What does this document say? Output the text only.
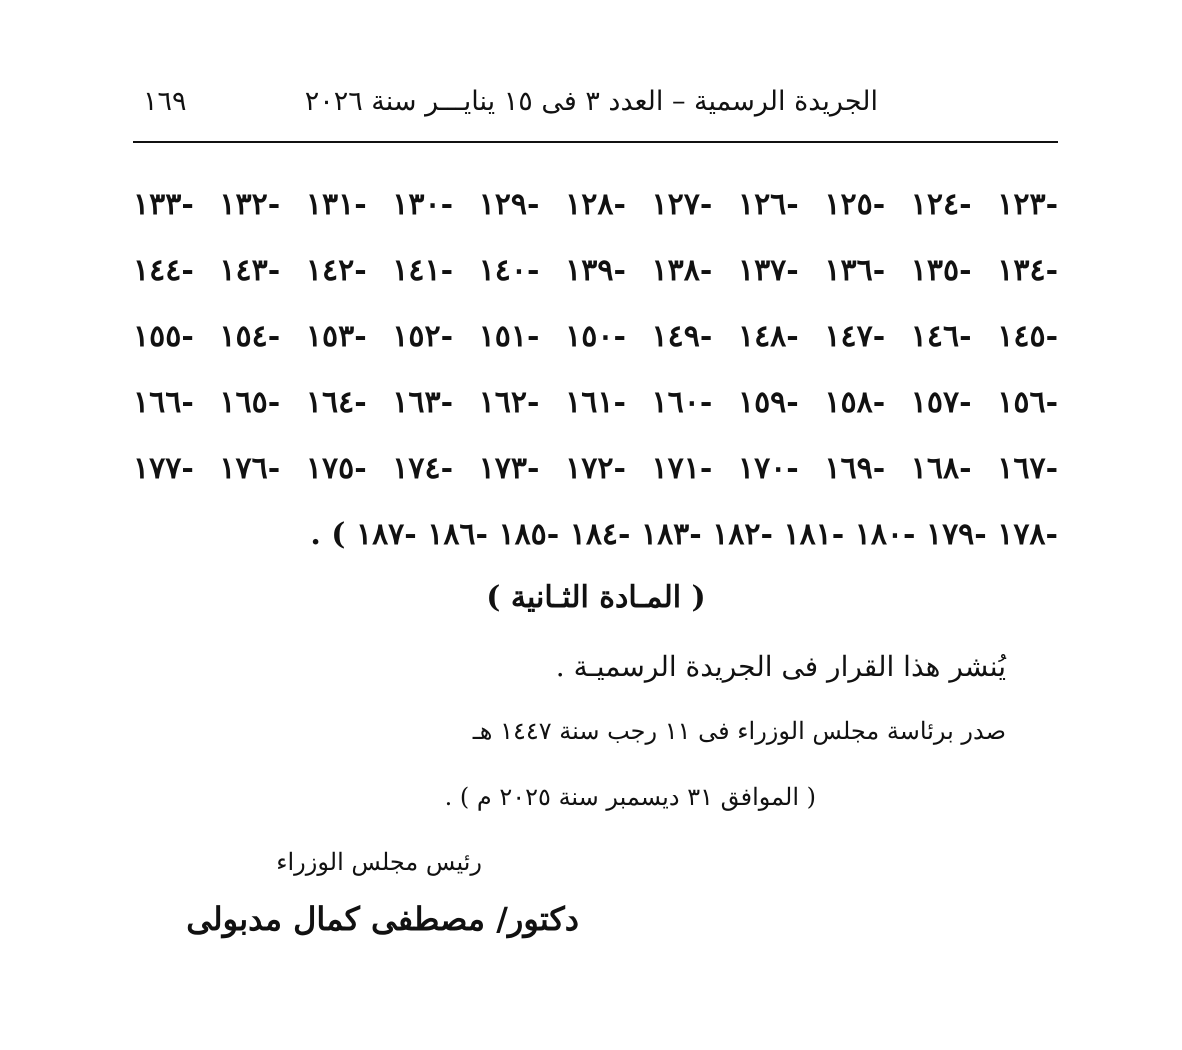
الجريدة الرسمية – العدد ٣ فى ١٥ ينايـــر سنة ٢٠٢٦
١٦٩
-١٢٣ -١٢٤ -١٢٥ -١٢٦ -١٢٧ -١٢٨ -١٢٩ -١٣٠ -١٣١ -١٣٢ -١٣٣
-١٣٤ -١٣٥ -١٣٦ -١٣٧ -١٣٨ -١٣٩ -١٤٠ -١٤١ -١٤٢ -١٤٣ -١٤٤
-١٤٥ -١٤٦ -١٤٧ -١٤٨ -١٤٩ -١٥٠ -١٥١ -١٥٢ -١٥٣ -١٥٤ -١٥٥
-١٥٦ -١٥٧ -١٥٨ -١٥٩ -١٦٠ -١٦١ -١٦٢ -١٦٣ -١٦٤ -١٦٥ -١٦٦
-١٦٧ -١٦٨ -١٦٩ -١٧٠ -١٧١ -١٧٢ -١٧٣ -١٧٤ -١٧٥ -١٧٦ -١٧٧
-١٧٨ -١٧٩ -١٨٠ -١٨١ -١٨٢ -١٨٣ -١٨٤ -١٨٥ -١٨٦ -١٨٧ ) .
( المـادة الثـانية )
يُنشر هذا القرار فى الجريدة الرسميـة .
صدر برئاسة مجلس الوزراء فى ١١ رجب سنة ١٤٤٧ هـ
( الموافق ٣١ ديسمبر سنة ٢٠٢٥ م ) .
رئيس مجلس الوزراء
دكتور/ مصطفى كمال مدبولى
